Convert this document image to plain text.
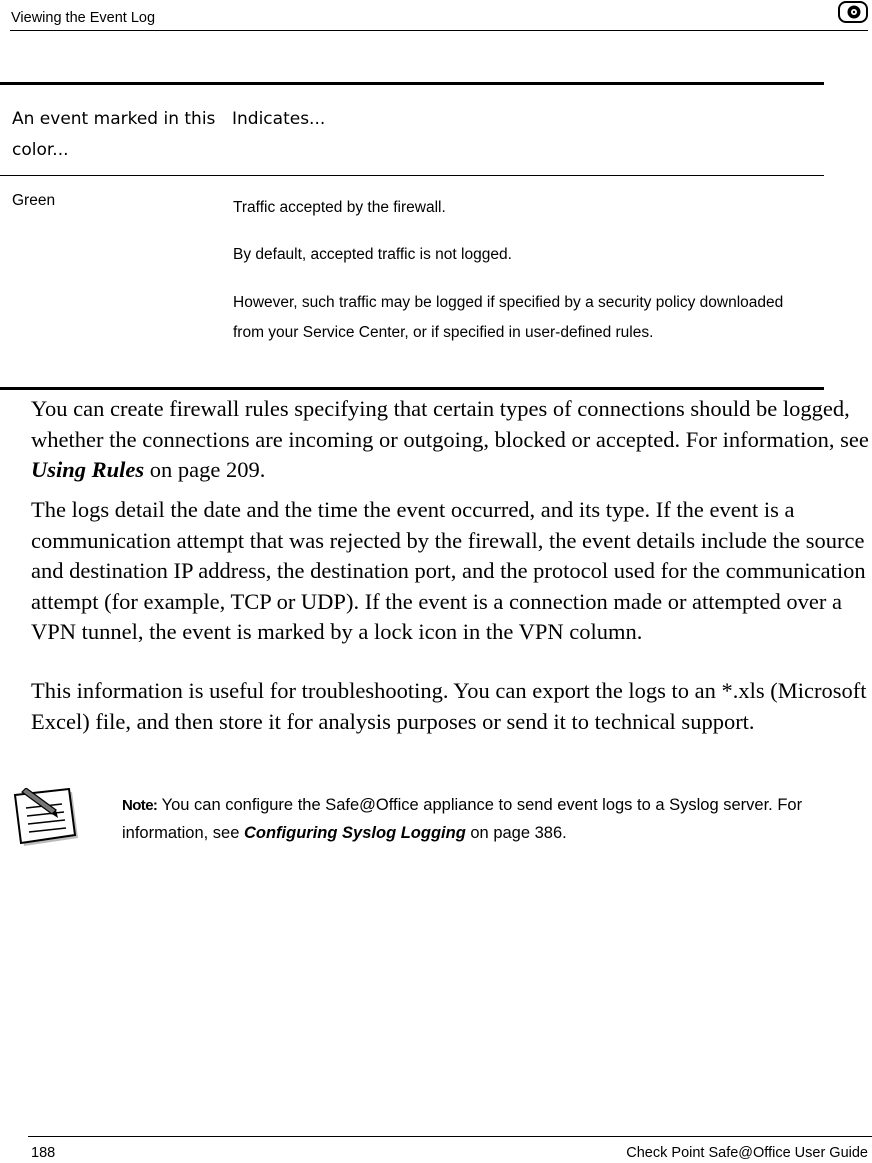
Viewing the Event Log
An event marked in this color...
Indicates...
Green	Traffic accepted by the firewall.

By default, accepted traffic is not logged.

However, such traffic may be logged if specified by a security policy downloaded from your Service Center, or if specified in user-defined rules.

You can create firewall rules specifying that certain types of connections should be logged, whether the connections are incoming or outgoing, blocked or accepted. For information, see Using Rules on page 209.

The logs detail the date and the time the event occurred, and its type. If the event is a communication attempt that was rejected by the firewall, the event details include the source and destination IP address, the destination port, and the protocol used for the communication attempt (for example, TCP or UDP). If the event is a connection made or attempted over a VPN tunnel, the event is marked by a lock icon in the VPN column.

This information is useful for troubleshooting. You can export the logs to an *.xls (Microsoft Excel) file, and then store it for analysis purposes or send it to technical support.

Note: You can configure the Safe@Office appliance to send event logs to a Syslog server. For information, see Configuring Syslog Logging on page 386.
188	Check Point Safe@Office User Guide
